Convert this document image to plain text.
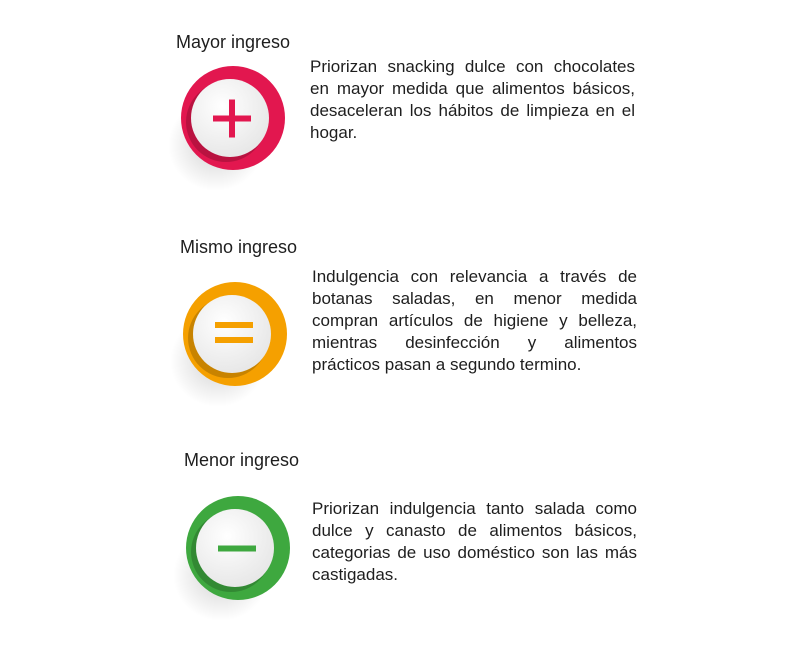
Mayor ingreso
Priorizan snacking dulce con chocolates en mayor medida que alimentos básicos, desaceleran los hábitos de limpieza en el hogar.
Mismo ingreso
Indulgencia con relevancia a través de botanas saladas, en menor medida compran artículos de higiene y belleza, mientras desinfección y alimentos prácticos pasan a segundo termino.
Menor ingreso
Priorizan indulgencia tanto salada como dulce y canasto de alimentos básicos, categorias de uso doméstico son las más castigadas.
